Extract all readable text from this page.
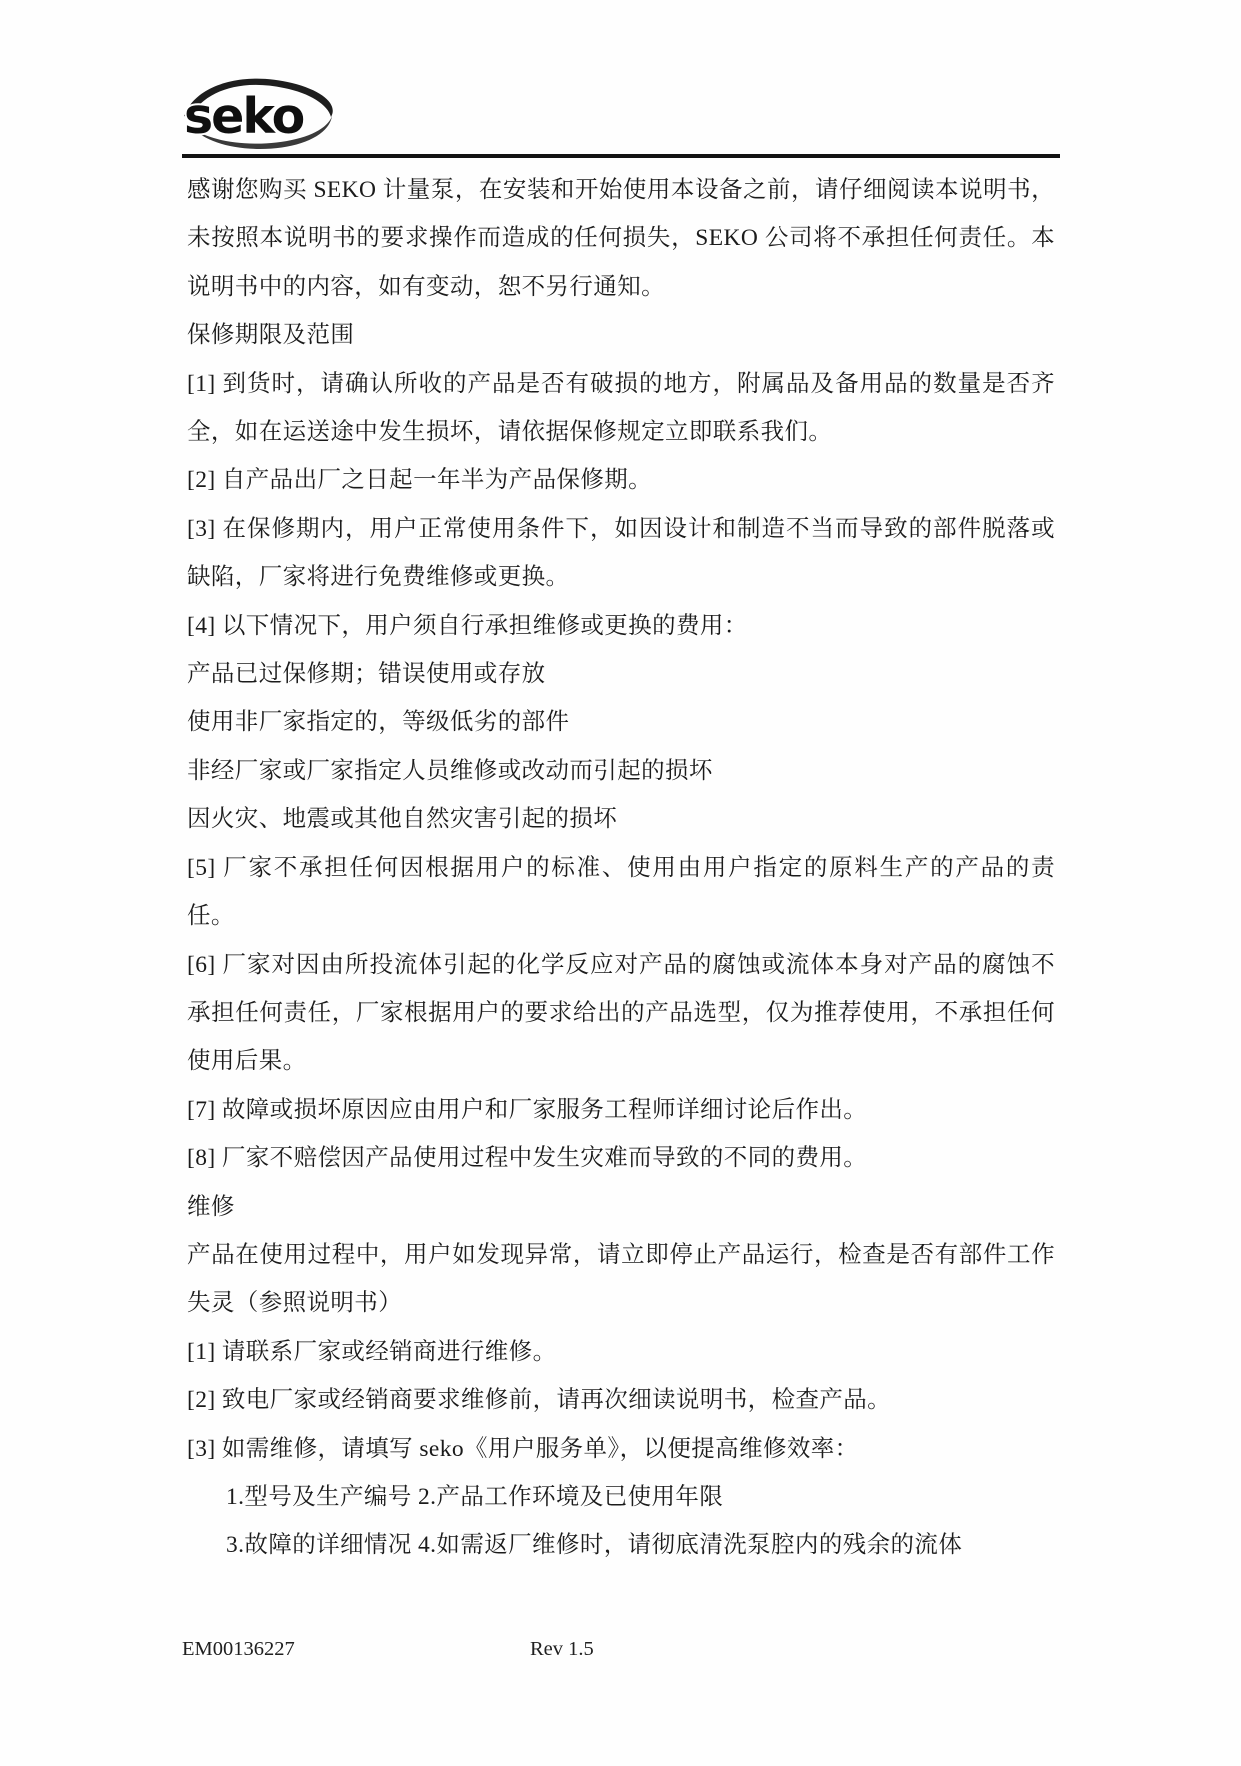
seko

感谢您购买 SEKO 计量泵，在安装和开始使用本设备之前，请仔细阅读本说明书，未按照本说明书的要求操作而造成的任何损失，SEKO 公司将不承担任何责任。本说明书中的内容，如有变动，恕不另行通知。

保修期限及范围

[1] 到货时，请确认所收的产品是否有破损的地方，附属品及备用品的数量是否齐全，如在运送途中发生损坏，请依据保修规定立即联系我们。

[2] 自产品出厂之日起一年半为产品保修期。

[3] 在保修期内，用户正常使用条件下，如因设计和制造不当而导致的部件脱落或缺陷，厂家将进行免费维修或更换。

[4] 以下情况下，用户须自行承担维修或更换的费用：

产品已过保修期；错误使用或存放

使用非厂家指定的，等级低劣的部件

非经厂家或厂家指定人员维修或改动而引起的损坏

因火灾、地震或其他自然灾害引起的损坏

[5] 厂家不承担任何因根据用户的标准、使用由用户指定的原料生产的产品的责任。

[6] 厂家对因由所投流体引起的化学反应对产品的腐蚀或流体本身对产品的腐蚀不承担任何责任，厂家根据用户的要求给出的产品选型，仅为推荐使用，不承担任何使用后果。

[7] 故障或损坏原因应由用户和厂家服务工程师详细讨论后作出。

[8] 厂家不赔偿因产品使用过程中发生灾难而导致的不同的费用。

维修

产品在使用过程中，用户如发现异常，请立即停止产品运行，检查是否有部件工作失灵（参照说明书）

[1] 请联系厂家或经销商进行维修。

[2] 致电厂家或经销商要求维修前，请再次细读说明书，检查产品。

[3] 如需维修，请填写 seko《用户服务单》，以便提高维修效率：

1.型号及生产编号 2.产品工作环境及已使用年限

3.故障的详细情况 4.如需返厂维修时，请彻底清洗泵腔内的残余的流体

EM00136227	Rev 1.5
